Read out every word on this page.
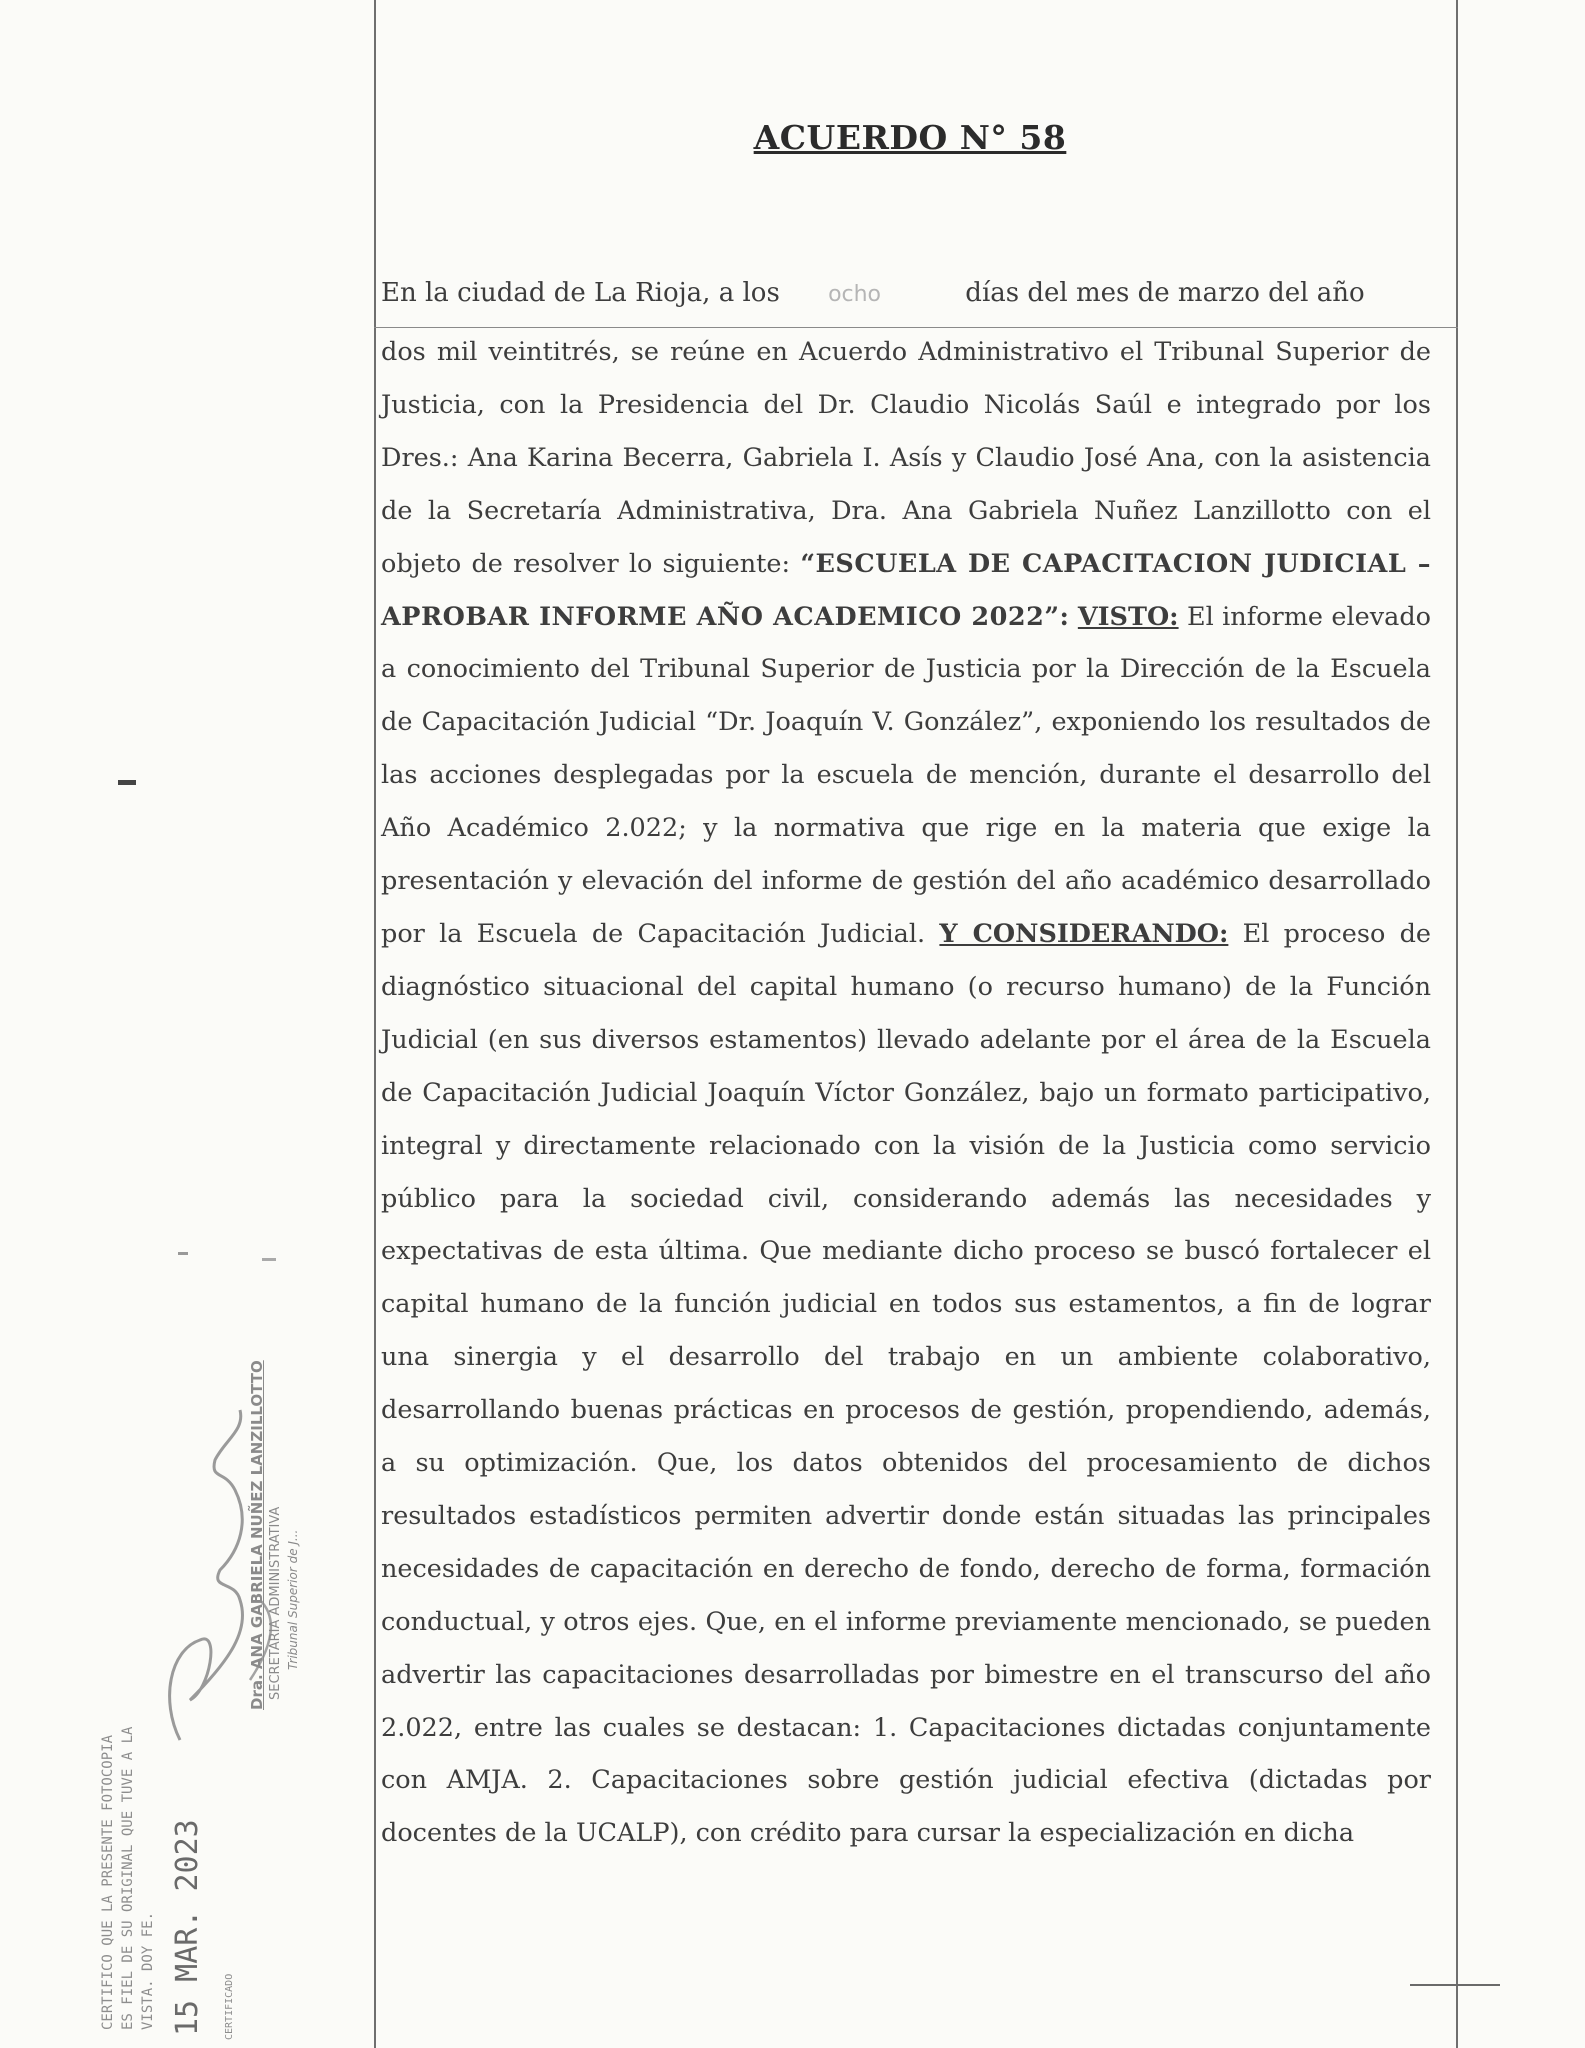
ACUERDO N° 58
En la ciudad de La Rioja, a los ocho	días del mes de marzo del año
dos mil veintitrés, se reúne en Acuerdo Administrativo el Tribunal Superior de Justicia, con la Presidencia del Dr. Claudio Nicolás Saúl e integrado por los Dres.: Ana Karina Becerra, Gabriela I. Asís y Claudio José Ana, con la asistencia de la Secretaría Administrativa, Dra. Ana Gabriela Nuñez Lanzillotto con el objeto de resolver lo siguiente: “ESCUELA DE CAPACITACION JUDICIAL – APROBAR INFORME AÑO ACADEMICO 2022”: VISTO: El informe elevado a conocimiento del Tribunal Superior de Justicia por la Dirección de la Escuela de Capacitación Judicial “Dr. Joaquín V. González”, exponiendo los resultados de las acciones desplegadas por la escuela de mención, durante el desarrollo del Año Académico 2.022; y la normativa que rige en la materia que exige la presentación y elevación del informe de gestión del año académico desarrollado por la Escuela de Capacitación Judicial. Y CONSIDERANDO: El proceso de diagnóstico situacional del capital humano (o recurso humano) de la Función Judicial (en sus diversos estamentos) llevado adelante por el área de la Escuela de Capacitación Judicial Joaquín Víctor González, bajo un formato participativo, integral y directamente relacionado con la visión de la Justicia como servicio público para la sociedad civil, considerando además las necesidades y expectativas de esta última. Que mediante dicho proceso se buscó fortalecer el capital humano de la función judicial en todos sus estamentos, a fin de lograr una sinergia y el desarrollo del trabajo en un ambiente colaborativo, desarrollando buenas prácticas en procesos de gestión, propendiendo, además, a su optimización. Que, los datos obtenidos del procesamiento de dichos resultados estadísticos permiten advertir donde están situadas las principales necesidades de capacitación en derecho de fondo, derecho de forma, formación conductual, y otros ejes. Que, en el informe previamente mencionado, se pueden advertir las capacitaciones desarrolladas por bimestre en el transcurso del año 2.022, entre las cuales se destacan: 1. Capacitaciones dictadas conjuntamente con AMJA. 2. Capacitaciones sobre gestión judicial efectiva (dictadas por docentes de la UCALP), con crédito para cursar la especialización en dicha
CERTIFICO QUE LA PRESENTE FOTOCOPIA ES FIEL DE SU ORIGINAL QUE TUVE A LA VISTA. DOY FE. 15 MAR. 2023 CERTIFICADO
Dra. ANA GABRIELA NUÑEZ LANZILLOTTO SECRETARIA ADMINISTRATIVA Tribunal Superior de J...
